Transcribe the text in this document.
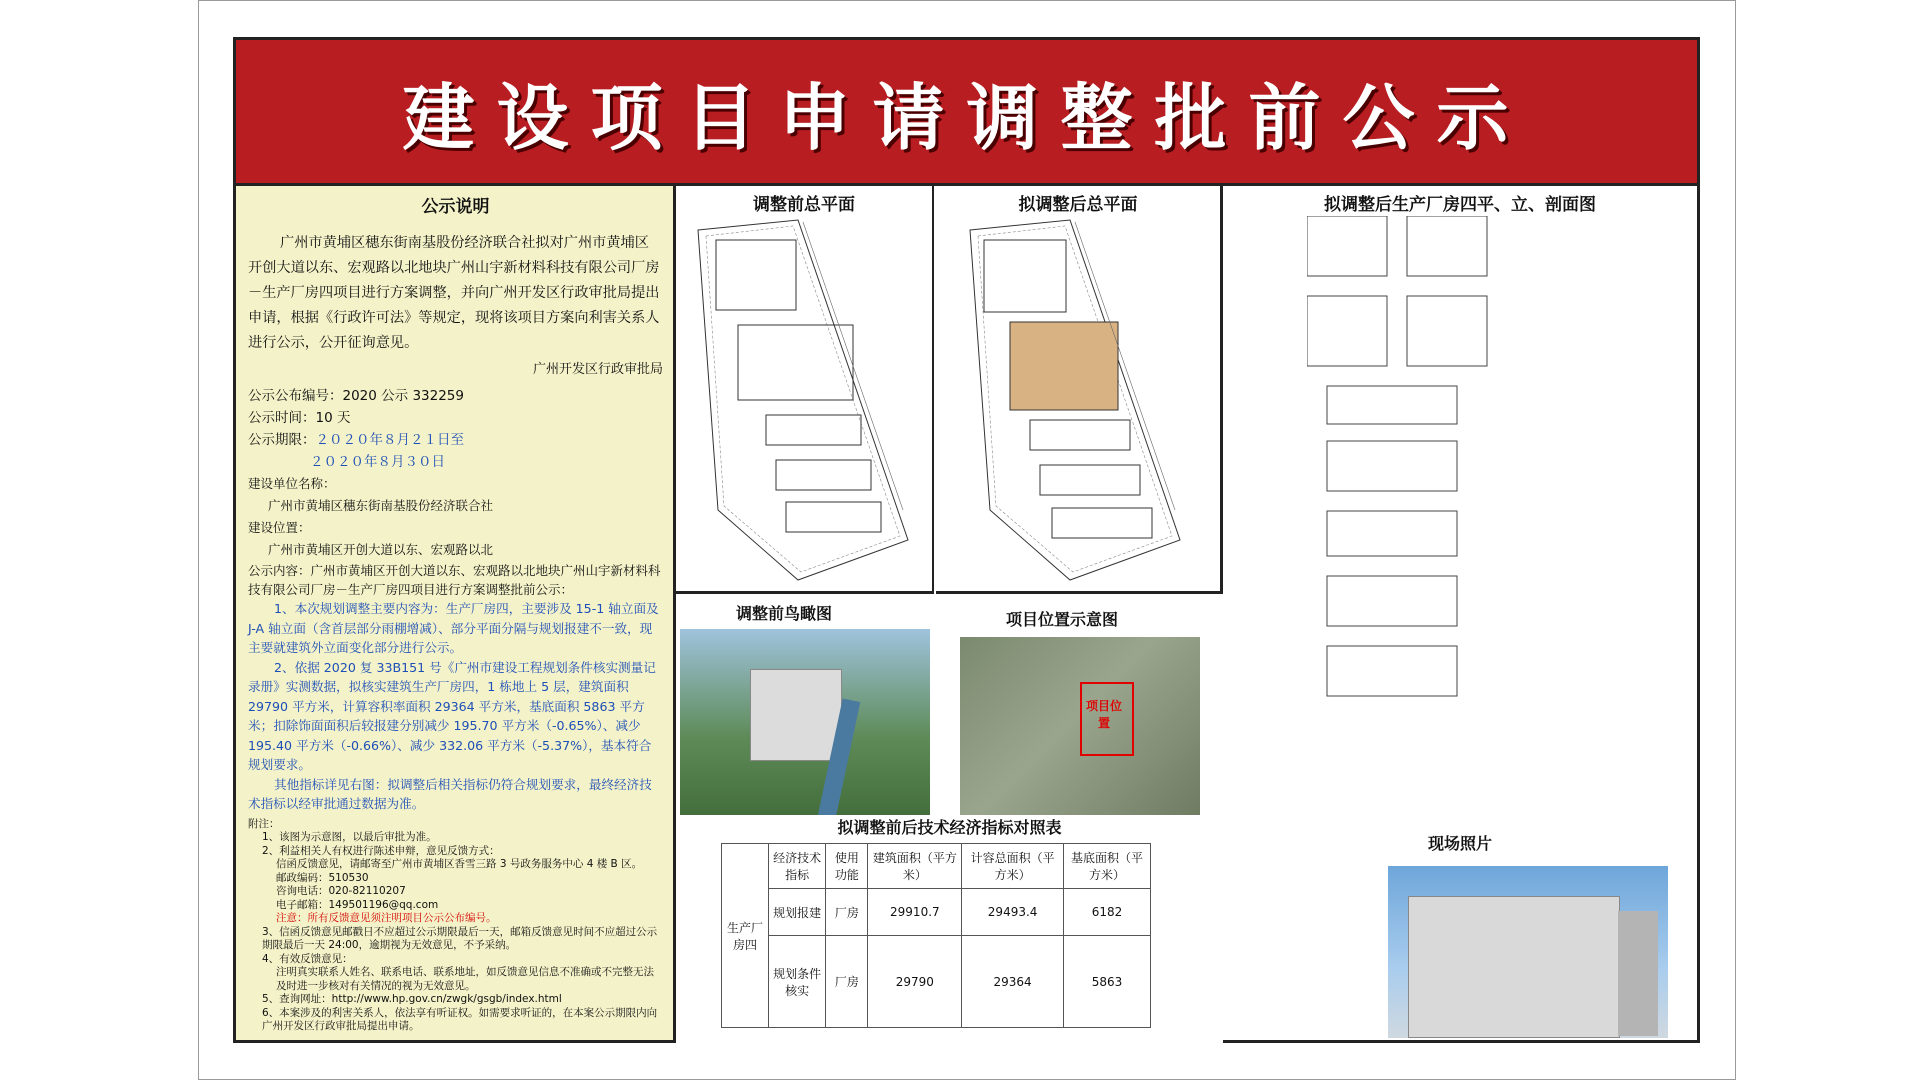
建设项目申请调整批前公示
公示说明

广州市黄埔区穗东街南基股份经济联合社拟对广州市黄埔区开创大道以东、宏观路以北地块广州山宇新材料科技有限公司厂房－生产厂房四项目进行方案调整，并向广州开发区行政审批局提出申请，根据《行政许可法》等规定，现将该项目方案向利害关系人进行公示，公开征询意见。

广州开发区行政审批局

公示公布编号：2020 公示 332259

公示时间：10 天

公示期限：２０２０年８月２１日至

２０２０年８月３０日

建设单位名称：

广州市黄埔区穗东街南基股份经济联合社

建设位置：

广州市黄埔区开创大道以东、宏观路以北

公示内容：广州市黄埔区开创大道以东、宏观路以北地块广州山宇新材料科技有限公司厂房－生产厂房四项目进行方案调整批前公示：

1、本次规划调整主要内容为：生产厂房四，主要涉及 15-1 轴立面及 J-A 轴立面（含首层部分雨棚增减）、部分平面分隔与规划报建不一致，现主要就建筑外立面变化部分进行公示。

2、依据 2020 复 33B151 号《广州市建设工程规划条件核实测量记录册》实测数据，拟核实建筑生产厂房四，1 栋地上 5 层，建筑面积 29790 平方米，计算容积率面积 29364 平方米，基底面积 5863 平方米；扣除饰面面积后较报建分别减少 195.70 平方米（-0.65%）、减少 195.40 平方米（-0.66%）、减少 332.06 平方米（-5.37%），基本符合规划要求。

其他指标详见右图：拟调整后相关指标仍符合规划要求，最终经济技术指标以经审批通过数据为准。

附注：
1、该图为示意图，以最后审批为准。
2、利益相关人有权进行陈述申辩，意见反馈方式：
信函反馈意见，请邮寄至广州市黄埔区香雪三路 3 号政务服务中心 4 楼 B 区。
邮政编码：510530
咨询电话：020-82110207
电子邮箱：149501196@qq.com
注意：所有反馈意见须注明项目公示公布编号。
3、信函反馈意见邮戳日不应超过公示期限最后一天，邮箱反馈意见时间不应超过公示期限最后一天 24:00，逾期视为无效意见，不予采纳。
4、有效反馈意见：
注明真实联系人姓名、联系电话、联系地址，如反馈意见信息不准确或不完整无法及时进一步核对有关情况的视为无效意见。
5、查询网址：http://www.hp.gov.cn/zwgk/gsgb/index.html
6、本案涉及的利害关系人，依法享有听证权。如需要求听证的，在本案公示期限内向广州开发区行政审批局提出申请。
调整前总平面	拟调整后总平面	拟调整后生产厂房四平、立、剖面图
现场照片
调整前鸟瞰图	项目位置示意图
项目位置
拟调整前后技术经济指标对照表
生产厂房四	经济技术指标	使用功能	建筑面积（平方米）	计容总面积（平方米）	基底面积（平方米）
	规划报建	厂房	29910.7	29493.4	6182
	规划条件核实	厂房	29790	29364	5863
